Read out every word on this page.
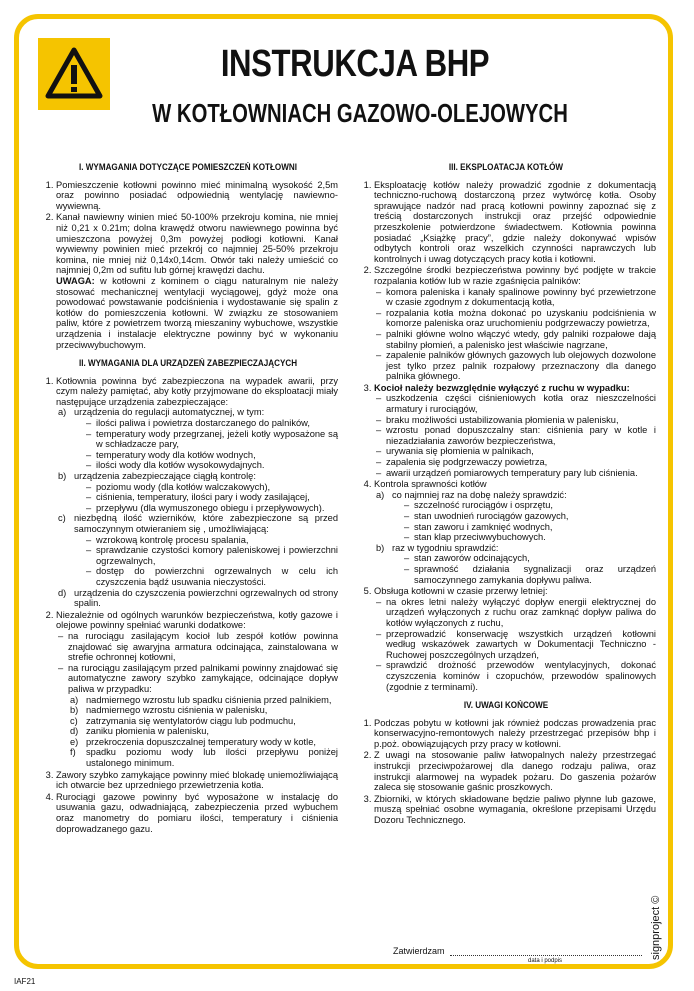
INSTRUKCJA BHP
W KOTŁOWNIACH GAZOWO-OLEJOWYCH
I. WYMAGANIA DOTYCZĄCE POMIESZCZEŃ KOTŁOWNI
1. Pomieszczenie kotłowni powinno mieć minimalną wysokość 2,5m oraz powinno posiadać odpowiednią wentylację nawiewno-wywiewną.
2. Kanał nawiewny winien mieć 50-100% przekroju komina, nie mniej niż 0,21 x 0.21m; dolna krawędź otworu nawiewnego powinna być umieszczona powyżej 0,3m powyżej podłogi kotłowni. Kanał wywiewny powinien mieć przekrój co najmniej 25-50% przekroju komina, nie mniej niż 0,14x0,14cm. Otwór taki należy umieścić co najmniej 0,2m od sufitu lub górnej krawędzi dachu.
UWAGA: w kotłowni z kominem o ciągu naturalnym nie należy stosować mechanicznej wentylacji wyciągowej, gdyż może ona powodować powstawanie podciśnienia i wydostawanie się spalin z kotłów do pomieszczenia kotłowni. W związku ze stosowaniem paliw, które z powietrzem tworzą mieszaniny wybuchowe, wszystkie urządzenia i instalacje elektryczne powinny być w wykonaniu przeciwwybuchowym.
II. WYMAGANIA DLA URZĄDZEŃ ZABEZPIECZAJĄCYCH
1. Kotłownia powinna być zabezpieczona na wypadek awarii, przy czym należy pamiętać, aby kotły przyjmowane do eksploatacji miały następujące urządzenia zabezpieczające:
a) urządzenia do regulacji automatycznej, w tym:
– ilości paliwa i powietrza dostarczanego do palników,
– temperatury wody przegrzanej, jeżeli kotły wyposażone są w schładzacze pary,
– temperatury wody dla kotłów wodnych,
– ilości wody dla kotłów wysokowydajnych.
b) urządzenia zabezpieczające ciągłą kontrolę:
– poziomu wody (dla kotłów walczakowych),
– ciśnienia, temperatury, ilości pary i wody zasilającej,
– przepływu (dla wymuszonego obiegu i przepływowych).
c) niezbędną ilość wzierników, które zabezpieczone są przed samoczynnym otwieraniem się , umożliwiającą:
– wzrokową kontrolę procesu spalania,
– sprawdzanie czystości komory paleniskowej i powierzchni ogrzewalnych,
– dostęp do powierzchni ogrzewalnych w celu ich czyszczenia bądź usuwania nieczystości.
d) urządzenia do czyszczenia powierzchni ogrzewalnych od strony spalin.
2. Niezależnie od ogólnych warunków bezpieczeństwa, kotły gazowe i olejowe powinny spełniać warunki dodatkowe:
– na rurociągu zasilającym kocioł lub zespół kotłów powinna znajdować się awaryjna armatura odcinająca, zainstalowana w strefie ochronnej kotłowni,
– na rurociągu zasilającym przed palnikami powinny znajdować się automatyczne zawory szybko zamykające, odcinające dopływ paliwa w przypadku:
a) nadmiernego wzrostu lub spadku ciśnienia przed palnikiem,
b) nadmiernego wzrostu ciśnienia w palenisku,
c) zatrzymania się wentylatorów ciągu lub podmuchu,
d) zaniku płomienia w palenisku,
e) przekroczenia dopuszczalnej temperatury wody w kotle,
f) spadku poziomu wody lub ilości przepływu poniżej ustalonego minimum.
3. Zawory szybko zamykające powinny mieć blokadę uniemożliwiającą ich otwarcie bez uprzedniego przewietrzenia kotła.
4. Rurociągi gazowe powinny być wyposażone w instalację do usuwania gazu, odwadniającą, zabezpieczenia przed wybuchem oraz manometry do pomiaru ilości, temperatury i ciśnienia doprowadzanego gazu.
III. EKSPLOATACJA KOTŁÓW
1. Eksploatację kotłów należy prowadzić zgodnie z dokumentacją techniczno-ruchową dostarczoną przez wytwórcę kotła. Osoby sprawujące nadzór nad pracą kotłowni powinny zapoznać się z treścią dostarczonych instrukcji oraz przejść odpowiednie przeszkolenie potwierdzone świadectwem. Kotłownia powinna posiadać „Książkę pracy”, gdzie należy dokonywać wpisów odbytych kontroli oraz wszelkich czynności naprawczych lub kontrolnych i uwag dotyczących pracy kotła i kotłowni.
2. Szczególne środki bezpieczeństwa powinny być podjęte w trakcie rozpalania kotłów lub w razie zgaśnięcia palników:
– komora paleniska i kanały spalinowe powinny być przewietrzone w czasie zgodnym z dokumentacją kotła,
– rozpalania kotła można dokonać po uzyskaniu podciśnienia w komorze paleniska oraz uruchomieniu podgrzewaczy powietrza,
– palniki główne wolno włączyć wtedy, gdy palniki rozpałowe dają stabilny płomień, a palenisko jest właściwie nagrzane,
– zapalenie palników głównych gazowych lub olejowych dozwolone jest tylko przez palnik rozpałowy przeznaczony dla danego palnika głównego.
3. Kocioł należy bezwzględnie wyłączyć z ruchu w wypadku:
– uszkodzenia części ciśnieniowych kotła oraz nieszczelności armatury i rurociągów,
– braku możliwości ustabilizowania płomienia w palenisku,
– wzrostu ponad dopuszczalny stan: ciśnienia pary w kotle i niezadziałania zaworów bezpieczeństwa,
– urywania się płomienia w palnikach,
– zapalenia się podgrzewaczy powietrza,
– awarii urządzeń pomiarowych temperatury pary lub ciśnienia.
4. Kontrola sprawności kotłów
a) co najmniej raz na dobę należy sprawdzić:
– szczelność rurociągów i osprzętu,
– stan uwodnień rurociągów gazowych,
– stan zaworu i zamknięć wodnych,
– stan klap przeciwwybuchowych.
b) raz w tygodniu sprawdzić:
– stan zaworów odcinających,
– sprawność działania sygnalizacji oraz urządzeń samoczynnego zamykania dopływu paliwa.
5. Obsługa kotłowni w czasie przerwy letniej:
– na okres letni należy wyłączyć dopływ energii elektrycznej do urządzeń wyłączonych z ruchu oraz zamknąć dopływ paliwa do kotłów wyłączonych z ruchu,
– przeprowadzić konserwację wszystkich urządzeń kotłowni według wskazówek zawartych w Dokumentacji Techniczno - Ruchowej poszczególnych urządzeń,
– sprawdzić drożność przewodów wentylacyjnych, dokonać czyszczenia kominów i czopuchów, przewodów spalinowych (zgodnie z terminami).
IV. UWAGI KOŃCOWE
1. Podczas pobytu w kotłowni jak również podczas prowadzenia prac konserwacyjno-remontowych należy przestrzegać przepisów bhp i p.poż. obowiązujących przy pracy w kotłowni.
2. Z uwagi na stosowanie paliw łatwopalnych należy przestrzegać instrukcji przeciwpożarowej dla danego rodzaju paliwa, oraz instrukcji alarmowej na wypadek pożaru. Do gaszenia pożarów zaleca się stosowanie gaśnic proszkowych.
3. Zbiorniki, w których składowane będzie paliwo płynne lub gazowe, muszą spełniać osobne wymagania, określone przepisami Urzędu Dozoru Technicznego.
Zatwierdzam
data i podpis
IAF21
signproject ©
